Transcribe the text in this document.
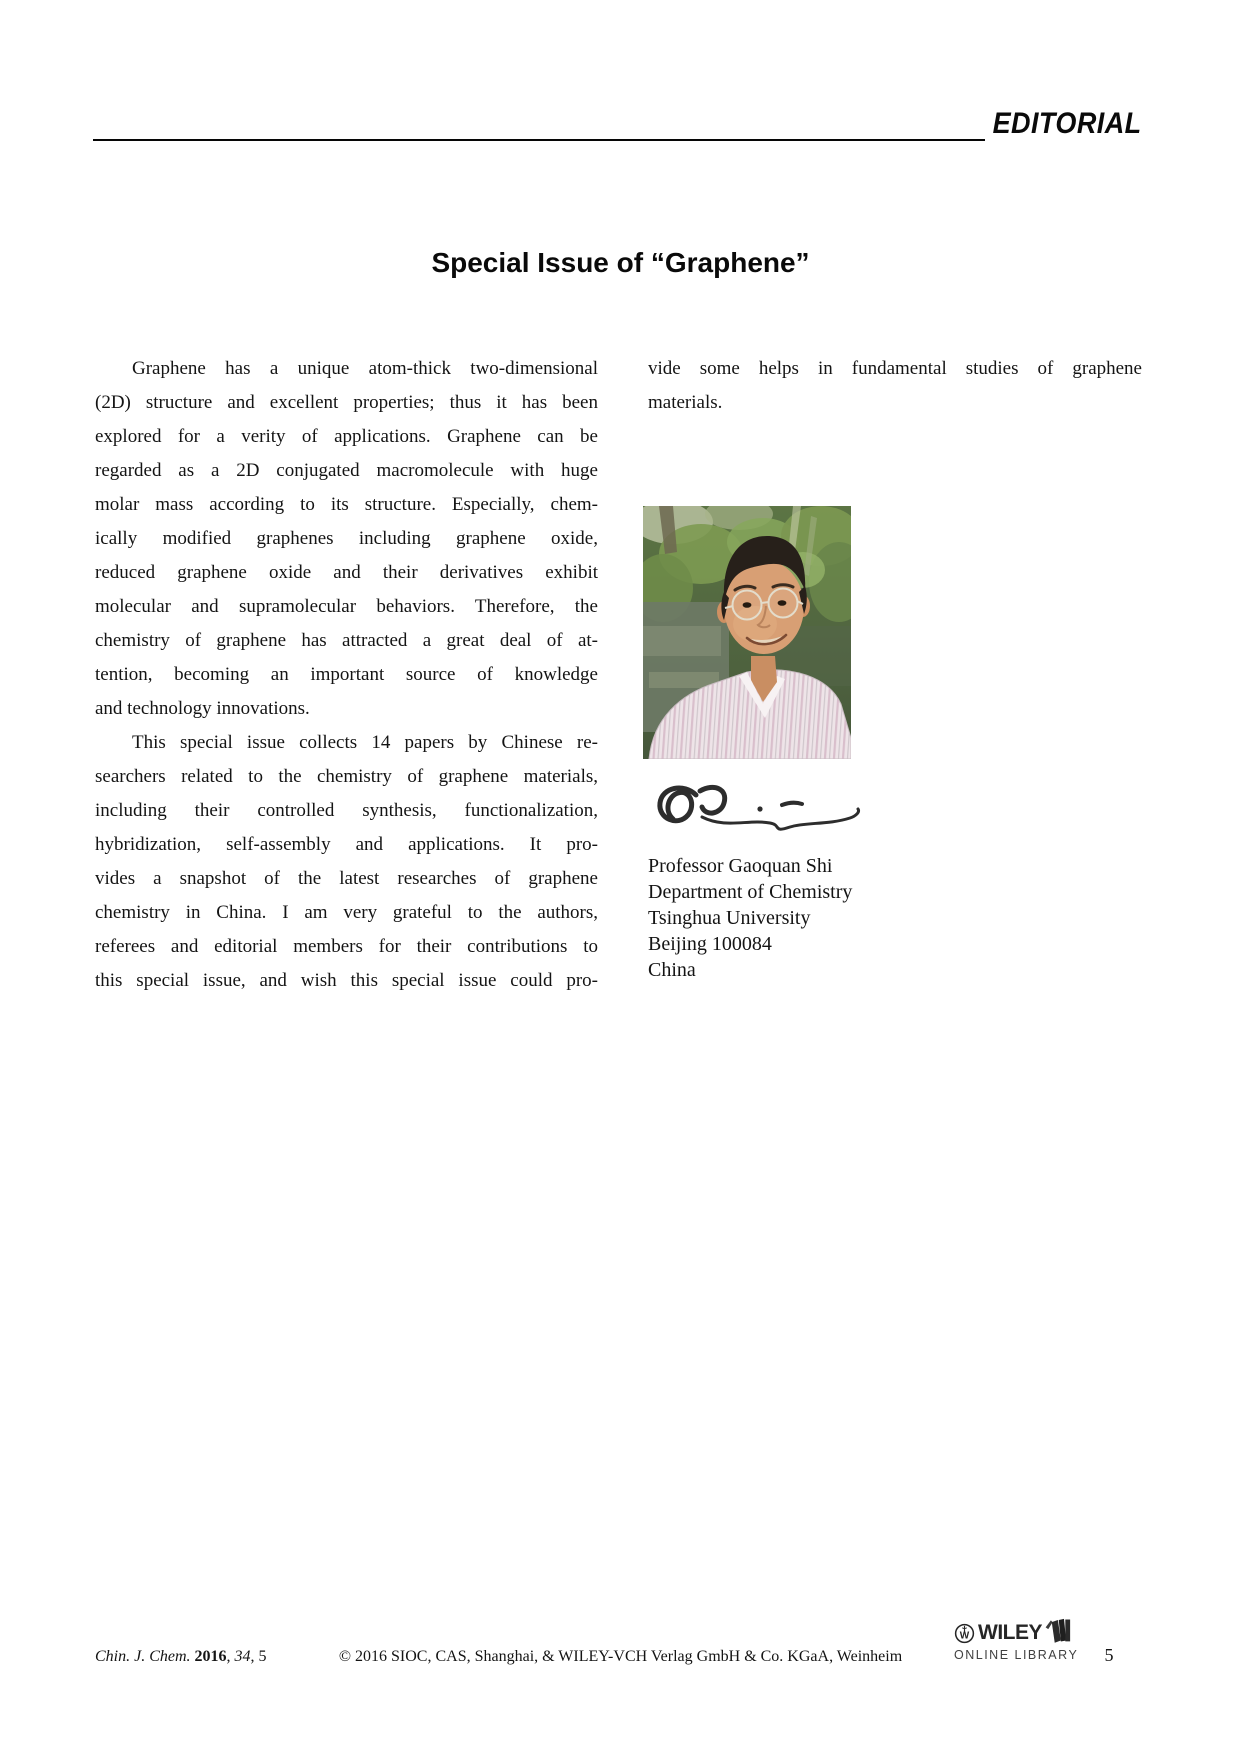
EDITORIAL
Special Issue of “Graphene”
Graphene has a unique atom-thick two-dimensional
(2D) structure and excellent properties; thus it has been
explored for a verity of applications. Graphene can be
regarded as a 2D conjugated macromolecule with huge
molar mass according to its structure. Especially, chem-
ically modified graphenes including graphene oxide,
reduced graphene oxide and their derivatives exhibit
molecular and supramolecular behaviors. Therefore, the
chemistry of graphene has attracted a great deal of at-
tention, becoming an important source of knowledge
and technology innovations.
This special issue collects 14 papers by Chinese re-
searchers related to the chemistry of graphene materials,
including their controlled synthesis, functionalization,
hybridization, self-assembly and applications. It pro-
vides a snapshot of the latest researches of graphene
chemistry in China. I am very grateful to the authors,
referees and editorial members for their contributions to
this special issue, and wish this special issue could pro-
vide some helps in fundamental studies of graphene
materials.
Professor Gaoquan Shi
Department of Chemistry
Tsinghua University
Beijing 100084
China
Chin. J. Chem. 2016, 34, 5	© 2016 SIOC, CAS, Shanghai, & WILEY-VCH Verlag GmbH & Co. KGaA, Weinheim
W WILEY
ONLINE LIBRARY	5
